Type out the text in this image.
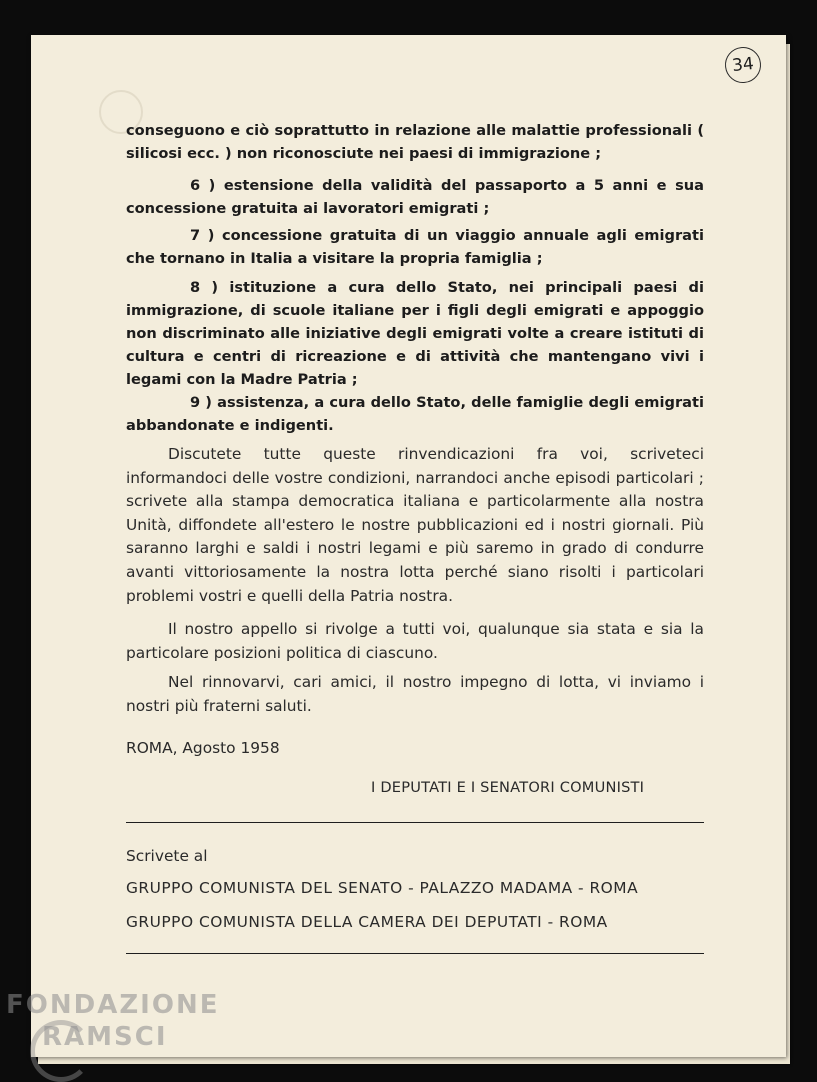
34

conseguono e ciò soprattutto in relazione alle malattie professionali ( silicosi ecc. ) non riconosciute nei paesi di immigrazione ;

6 ) estensione della validità del passaporto a 5 anni e sua concessione gratuita ai lavoratori emigrati ;

7 ) concessione gratuita di un viaggio annuale agli emigrati che tornano in Italia a visitare la propria famiglia ;

8 ) istituzione a cura dello Stato, nei principali paesi di immigrazione, di scuole italiane per i figli degli emigrati e appoggio non discriminato alle iniziative degli emigrati volte a creare istituti di cultura e centri di ricreazione e di attività che mantengano vivi i legami con la Madre Patria ;

9 ) assistenza, a cura dello Stato, delle famiglie degli emigrati abbandonate e indigenti.

Discutete tutte queste rinvendicazioni fra voi, scriveteci informandoci delle vostre condizioni, narrandoci anche episodi particolari ; scrivete alla stampa democratica italiana e particolarmente alla nostra Unità, diffondete all'estero le nostre pubblicazioni ed i nostri giornali. Più saranno larghi e saldi i nostri legami e più saremo in grado di condurre avanti vittoriosamente la nostra lotta perché siano risolti i particolari problemi vostri e quelli della Patria nostra.

Il nostro appello si rivolge a tutti voi, qualunque sia stata e sia la particolare posizioni politica di ciascuno.

Nel rinnovarvi, cari amici, il nostro impegno di lotta, vi inviamo i nostri più fraterni saluti.

ROMA, Agosto 1958
I DEPUTATI E I SENATORI COMUNISTI
Scrivete al
GRUPPO COMUNISTA DEL SENATO - PALAZZO MADAMA - ROMA
GRUPPO COMUNISTA DELLA CAMERA DEI DEPUTATI - ROMA
FONDAZIONE
RAMSCI
